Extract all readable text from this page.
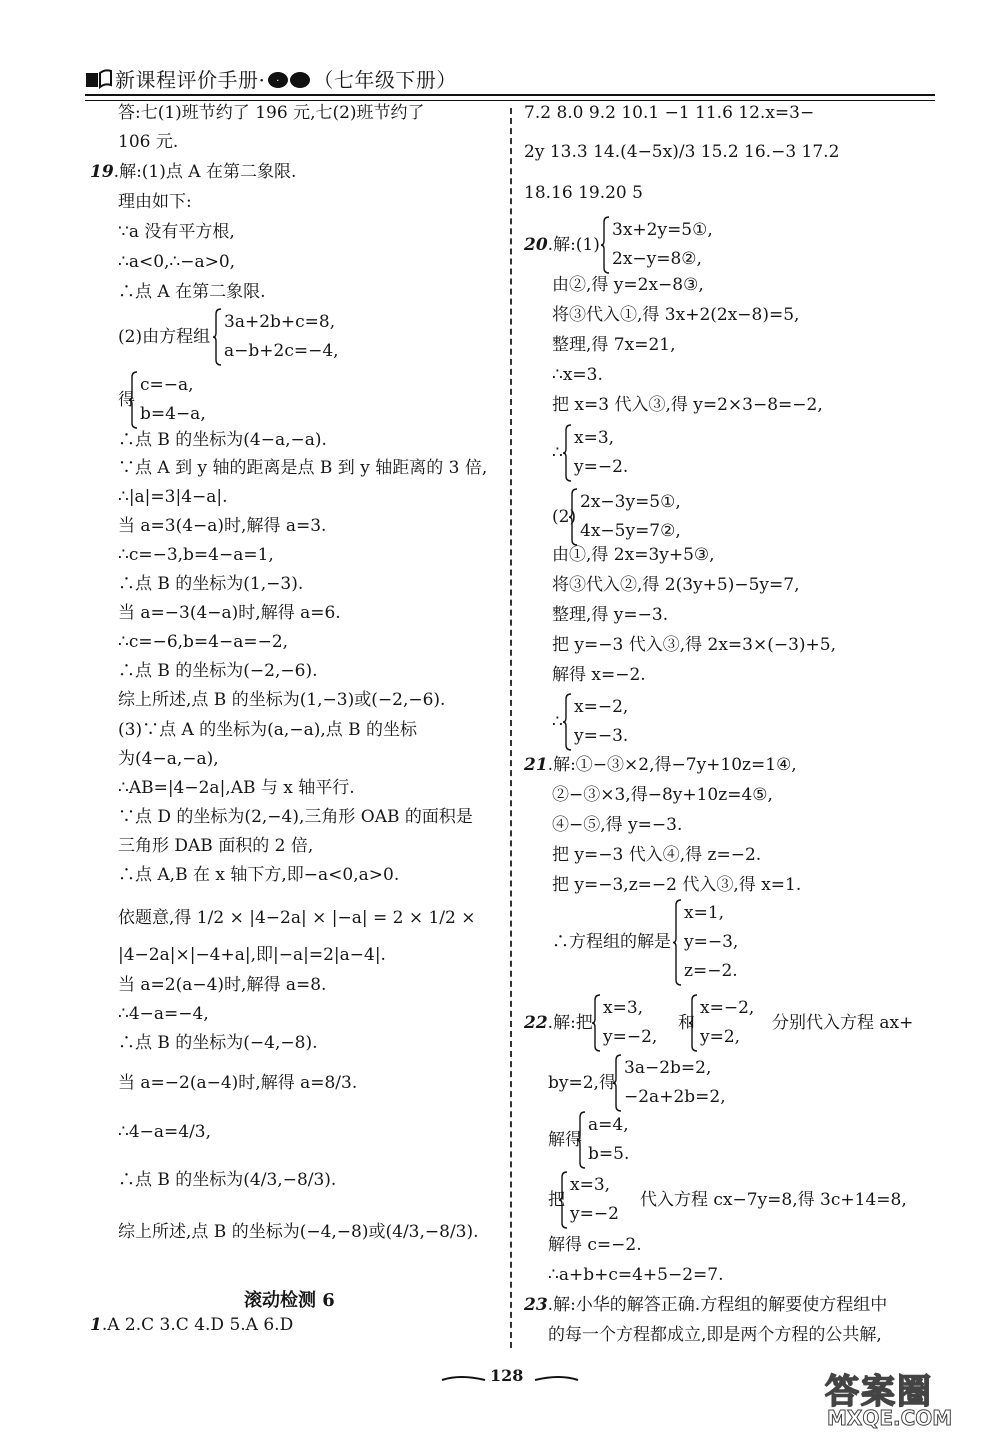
新课程评价手册· · （七年级下册）
答:七(1)班节约了 196 元,七(2)班节约了
106 元.
19.解:(1)点 A 在第二象限.
理由如下:
∵a 没有平方根,
∴a<0,∴−a>0,
∴点 A 在第二象限.
(2)由方程组
3a+2b+c=8,
a−b+2c=−4,
得
c=−a,
b=4−a,
∴点 B 的坐标为(4−a,−a).
∵点 A 到 y 轴的距离是点 B 到 y 轴距离的 3 倍,
∴|a|=3|4−a|.
当 a=3(4−a)时,解得 a=3.
∴c=−3,b=4−a=1,
∴点 B 的坐标为(1,−3).
当 a=−3(4−a)时,解得 a=6.
∴c=−6,b=4−a=−2,
∴点 B 的坐标为(−2,−6).
综上所述,点 B 的坐标为(1,−3)或(−2,−6).
(3)∵点 A 的坐标为(a,−a),点 B 的坐标
为(4−a,−a),
∴AB=|4−2a|,AB 与 x 轴平行.
∵点 D 的坐标为(2,−4),三角形 OAB 的面积是
三角形 DAB 面积的 2 倍,
∴点 A,B 在 x 轴下方,即−a<0,a>0.
依题意,得 1/2 × |4−2a| × |−a| = 2 × 1/2 ×
|4−2a|×|−4+a|,即|−a|=2|a−4|.
当 a=2(a−4)时,解得 a=8.
∴4−a=−4,
∴点 B 的坐标为(−4,−8).
当 a=−2(a−4)时,解得 a=8/3.
∴4−a=4/3,
∴点 B 的坐标为(4/3,−8/3).
综上所述,点 B 的坐标为(−4,−8)或(4/3,−8/3).
1.A 2.C 3.C 4.D 5.A 6.D
7.2 8.0 9.2 10.1 −1 11.6 12.x=3−
2y 13.3 14.(4−5x)/3 15.2 16.−3 17.2
18.16 19.20 5
20.解:(1)
3x+2y=5①,
2x−y=8②,
由②,得 y=2x−8③,
将③代入①,得 3x+2(2x−8)=5,
整理,得 7x=21,
∴x=3.
把 x=3 代入③,得 y=2×3−8=−2,
∴
x=3,
y=−2.
(2)
2x−3y=5①,
4x−5y=7②,
由①,得 2x=3y+5③,
将③代入②,得 2(3y+5)−5y=7,
整理,得 y=−3.
把 y=−3 代入③,得 2x=3×(−3)+5,
解得 x=−2.
∴
x=−2,
y=−3.
21.解:①−③×2,得−7y+10z=1④,
②−③×3,得−8y+10z=4⑤,
④−⑤,得 y=−3.
把 y=−3 代入④,得 z=−2.
把 y=−3,z=−2 代入③,得 x=1.
∴方程组的解是
x=1,
y=−3,
z=−2.
22.解:把
x=3,
y=−2,
和
x=−2,
y=2,
分别代入方程 ax+
by=2,得
3a−2b=2,
−2a+2b=2,
解得
a=4,
b=5.
把
x=3,
y=−2
代入方程 cx−7y=8,得 3c+14=8,
解得 c=−2.
∴a+b+c=4+5−2=7.
23.解:小华的解答正确.方程组的解要使方程组中
的每一个方程都成立,即是两个方程的公共解,
滚动检测 6
128	答案圈
MXQE.COM
